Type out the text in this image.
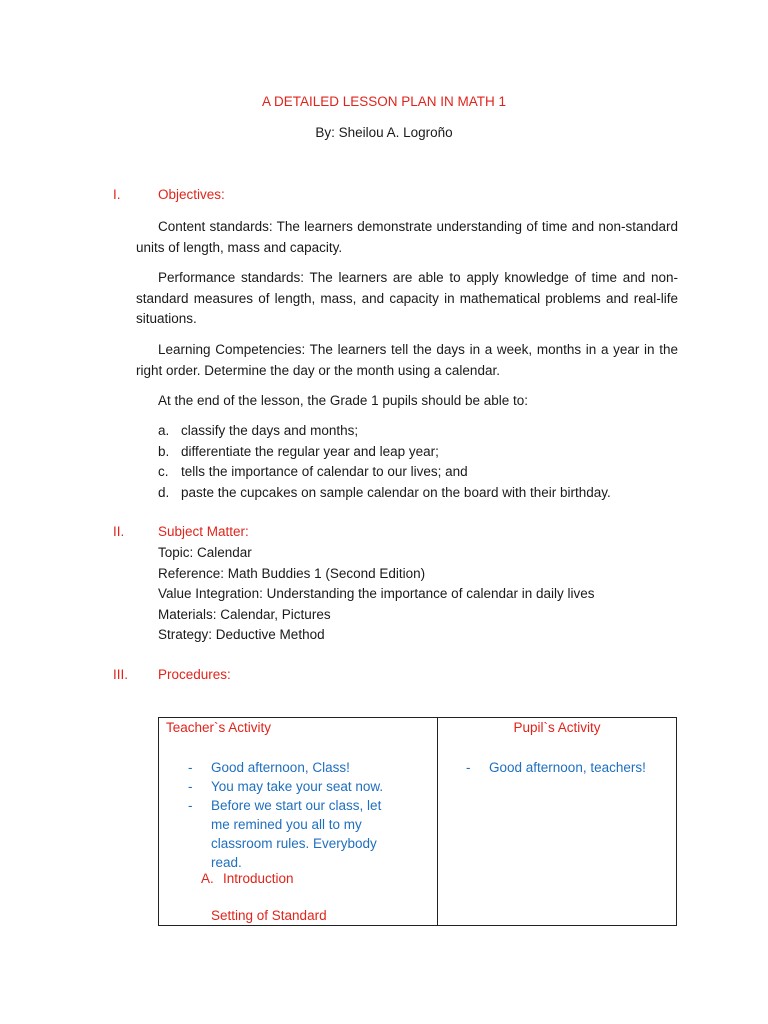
A DETAILED LESSON PLAN IN MATH 1
By: Sheilou A. Logroño
I.	Objectives:
Content standards: The learners demonstrate understanding of time and non-standard units of length, mass and capacity.
Performance standards: The learners are able to apply knowledge of time and non-standard measures of length, mass, and capacity in mathematical problems and real-life situations.
Learning Competencies: The learners tell the days in a week, months in a year in the right order. Determine the day or the month using a calendar.
At the end of the lesson, the Grade 1 pupils should be able to:
a. classify the days and months;
b. differentiate the regular year and leap year;
c. tells the importance of calendar to our lives; and
d. paste the cupcakes on sample calendar on the board with their birthday.
II. Subject Matter:
Topic: Calendar
Reference: Math Buddies 1 (Second Edition)
Value Integration: Understanding the importance of calendar in daily lives
Materials: Calendar, Pictures
Strategy: Deductive Method
III. Procedures:
Teacher`s Activity
- Good afternoon, Class!
- You may take your seat now.
- Before we start our class, let me remined you all to my classroom rules. Everybody read.
A. Introduction
Setting of Standard
Pupil`s Activity
- Good afternoon, teachers!
